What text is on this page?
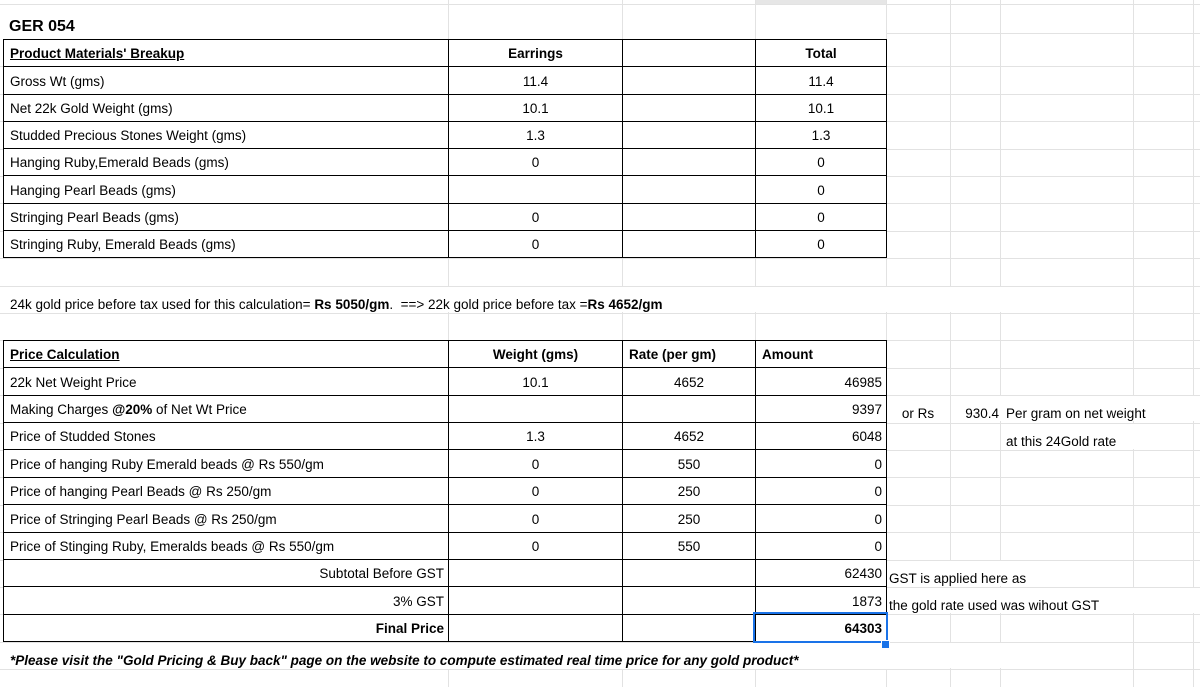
GER 054
Product Materials' Breakup	Earrings		Total
Gross Wt (gms)	11.4		11.4
Net 22k Gold Weight (gms)	10.1		10.1
Studded Precious Stones Weight (gms)	1.3		1.3
Hanging Ruby,Emerald Beads (gms)	0		0
Hanging Pearl Beads (gms)			0
Stringing Pearl Beads (gms)	0		0
Stringing Ruby, Emerald Beads (gms)	0		0
24k gold price before tax used for this calculation= Rs 5050/gm .  ==> 22k gold price before tax = Rs 4652/gm
Price Calculation	Weight (gms)	Rate (per gm)	Amount
22k Net Weight Price	10.1	4652	46985
Making Charges @20% of Net Wt Price			9397
Price of Studded Stones	1.3	4652	6048
Price of hanging Ruby Emerald beads @ Rs 550/gm	0	550	0
Price of hanging Pearl Beads @ Rs 250/gm	0	250	0
Price of Stringing Pearl Beads @ Rs 250/gm	0	250	0
Price of Stinging Ruby, Emeralds beads @ Rs 550/gm	0	550	0
Subtotal Before GST			62430
3% GST			1873
Final Price			64303
or Rs	930.4 Per gram on net weight
at this 24Gold rate
GST is applied here as
the gold rate used was wihout GST
*Please visit the "Gold Pricing & Buy back" page on the website to compute estimated real time price for any gold product*
